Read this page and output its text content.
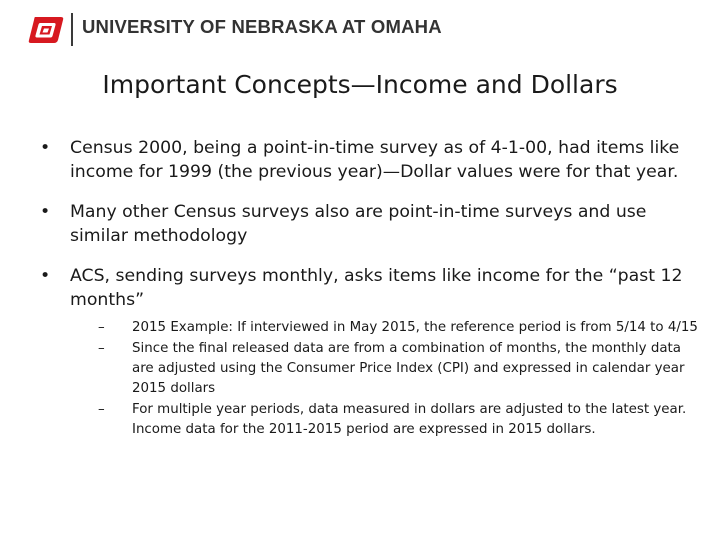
UNIVERSITY OF NEBRASKA AT OMAHA
Important Concepts—Income and Dollars
•	Census 2000, being a point-in-time survey as of 4-1-00, had items like income for 1999 (the previous year)—Dollar values were for that year.
•	Many other Census surveys also are point-in-time surveys and use similar methodology
•	ACS, sending surveys monthly, asks items like income for the “past 12 months”
–	2015 Example: If interviewed in May 2015, the reference period is from 5/14 to 4/15
–	Since the final released data are from a combination of months, the monthly data are adjusted using the Consumer Price Index (CPI) and expressed in calendar year 2015 dollars
–	For multiple year periods, data measured in dollars are adjusted to the latest year. Income data for the 2011-2015 period are expressed in 2015 dollars.
